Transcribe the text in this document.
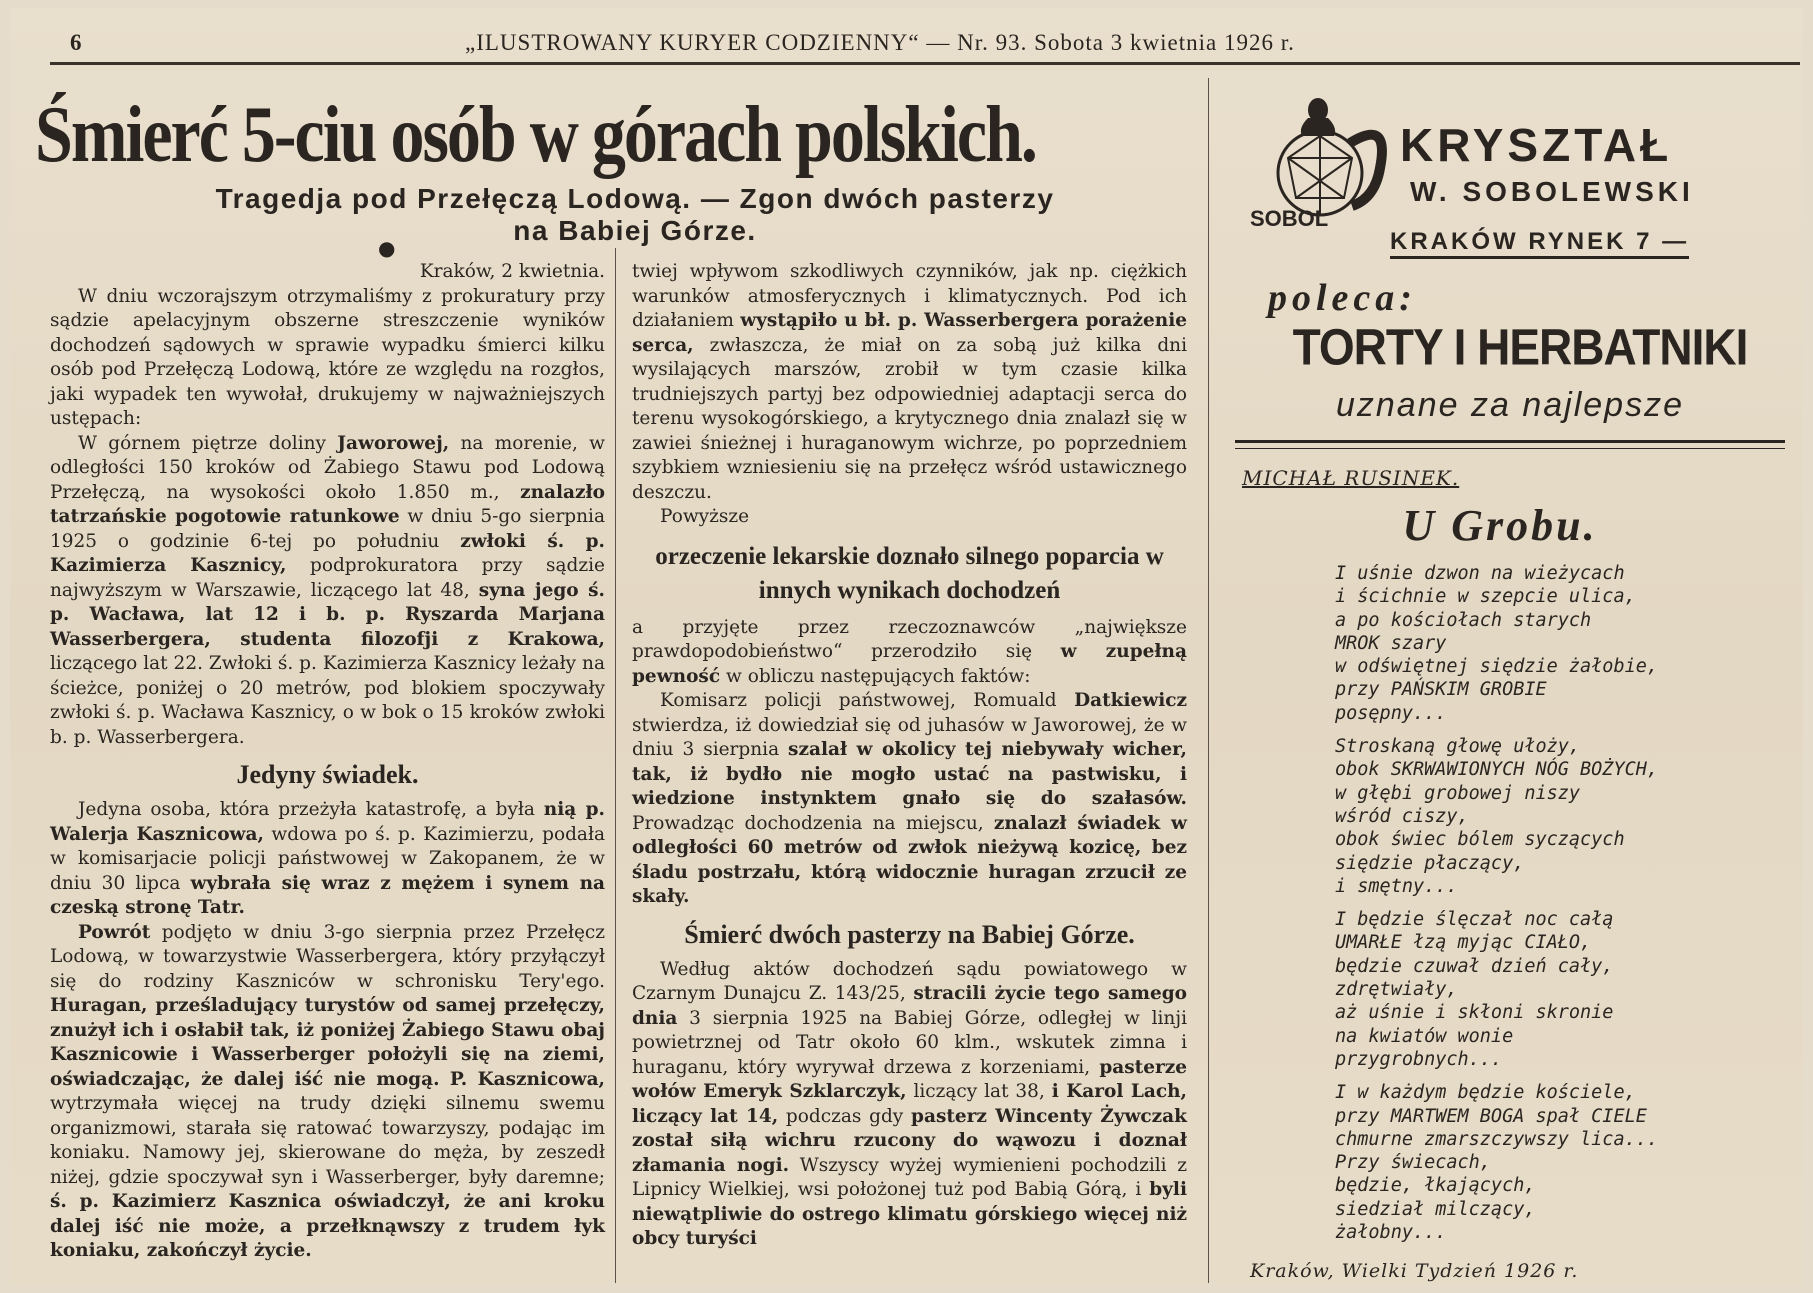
6	„ILUSTROWANY KURYER CODZIENNY“ — Nr. 93. Sobota 3 kwietnia 1926 r.
Śmierć 5-ciu osób w górach polskich.
Tragedja pod Przełęczą Lodową. — Zgon dwóch pasterzy
na Babiej Górze.
●

Kraków, 2 kwietnia.

W dniu wczorajszym otrzymaliśmy z prokuratury przy sądzie apelacyjnym obszerne streszczenie wyników dochodzeń sądowych w sprawie wypadku śmierci kilku osób pod Przełęczą Lodową, które ze względu na rozgłos, jaki wypadek ten wywołał, drukujemy w najważniejszych ustępach:

W górnem piętrze doliny Jaworowej, na morenie, w odległości 150 kroków od Żabiego Stawu pod Lodową Przełęczą, na wysokości około 1.850 m., znalazło tatrzańskie pogotowie ratunkowe w dniu 5-go sierpnia 1925 o godzinie 6-tej po południu zwłoki ś. p. Kazimierza Kasznicy, podprokuratora przy sądzie najwyższym w Warszawie, liczącego lat 48, syna jego ś. p. Wacława, lat 12 i b. p. Ryszarda Marjana Wasserbergera, studenta filozofji z Krakowa, liczącego lat 22. Zwłoki ś. p. Kazimierza Kasznicy leżały na ścieżce, poniżej o 20 metrów, pod blokiem spoczywały zwłoki ś. p. Wacława Kasznicy, o w bok o 15 kroków zwłoki b. p. Wasserbergera.

Jedyny świadek.

Jedyna osoba, która przeżyła katastrofę, a była nią p. Walerja Kasznicowa, wdowa po ś. p. Kazimierzu, podała w komisarjacie policji państwowej w Zakopanem, że w dniu 30 lipca wybrała się wraz z mężem i synem na czeską stronę Tatr.

Powrót podjęto w dniu 3-go sierpnia przez Przełęcz Lodową, w towarzystwie Wasserbergera, który przyłączył się do rodziny Kaszniców w schronisku Tery'ego. Huragan, prześladujący turystów od samej przełęczy, znużył ich i osłabił tak, iż poniżej Żabiego Stawu obaj Kasznicowie i Wasserberger położyli się na ziemi, oświadczając, że dalej iść nie mogą. P. Kasznicowa, wytrzymała więcej na trudy dzięki silnemu swemu organizmowi, starała się ratować towarzyszy, podając im koniaku. Namowy jej, skierowane do męża, by zeszedł niżej, gdzie spoczywał syn i Wasserberger, były daremne; ś. p. Kazimierz Kasznica oświadczył, że ani kroku dalej iść nie może, a przełknąwszy z trudem łyk koniaku, zakończył życie.

twiej wpływom szkodliwych czynników, jak np. ciężkich warunków atmosferycznych i klimatycznych. Pod ich działaniem wystąpiło u bł. p. Wasserbergera porażenie serca, zwłaszcza, że miał on za sobą już kilka dni wysilających marszów, zrobił w tym czasie kilka trudniejszych partyj bez odpowiedniej adaptacji serca do terenu wysokogórskiego, a krytycznego dnia znalazł się w zawiei śnieżnej i huraganowym wichrze, po poprzedniem szybkiem wzniesieniu się na przełęcz wśród ustawicznego deszczu.

Powyższe

orzeczenie lekarskie doznało silnego poparcia w innych wynikach dochodzeń

a przyjęte przez rzeczoznawców „największe prawdopodobieństwo“ przerodziło się w zupełną pewność w obliczu następujących faktów:

Komisarz policji państwowej, Romuald Datkiewicz stwierdza, iż dowiedział się od juhasów w Jaworowej, że w dniu 3 sierpnia szalał w okolicy tej niebywały wicher, tak, iż bydło nie mogło ustać na pastwisku, i wiedzione instynktem gnało się do szałasów. Prowadząc dochodzenia na miejscu, znalazł świadek w odległości 60 metrów od zwłok nieżywą kozicę, bez śladu postrzału, którą widocznie huragan zrzucił ze skały.

Śmierć dwóch pasterzy na Babiej Górze.

Według aktów dochodzeń sądu powiatowego w Czarnym Dunajcu Z. 143/25, stracili życie tego samego dnia 3 sierpnia 1925 na Babiej Górze, odległej w linji powietrznej od Tatr około 60 klm., wskutek zimna i huraganu, który wyrywał drzewa z korzeniami, pasterze wołów Emeryk Szklarczyk, liczący lat 38, i Karol Lach, liczący lat 14, podczas gdy pasterz Wincenty Żywczak został siłą wichru rzucony do wąwozu i doznał złamania nogi. Wszyscy wyżej wymienieni pochodzili z Lipnicy Wielkiej, wsi położonej tuż pod Babią Górą, i byli niewątpliwie do ostrego klimatu górskiego więcej niż obcy turyści

SOBOL
KRYSZTAŁ
W. SOBOLEWSKI
KRAKÓW RYNEK 7 —
poleca:
TORTY I HERBATNIKI
uznane za najlepsze
MICHAŁ RUSINEK.
U Grobu.
I uśnie dzwon na wieżycach
i ścichnie w szepcie ulica,
a po kościołach starych
MROK szary
w odświętnej siędzie żałobie,
przy PAŃSKIM GROBIE
posępny...
Stroskaną głowę ułoży,
obok SKRWAWIONYCH NÓG BOŻYCH,
w głębi grobowej niszy
wśród ciszy,
obok świec bólem syczących
siędzie płaczący,
i smętny...
I będzie ślęczał noc całą
UMARŁE łzą myjąc CIAŁO,
będzie czuwał dzień cały,
zdrętwiały,
aż uśnie i skłoni skronie
na kwiatów wonie
przygrobnych...
I w każdym będzie kościele,
przy MARTWEM BOGA spał CIELE
chmurne zmarszczywszy lica...
Przy świecach,
będzie, łkających,
siedział milczący,
żałobny...
Kraków, Wielki Tydzień 1926 r.
